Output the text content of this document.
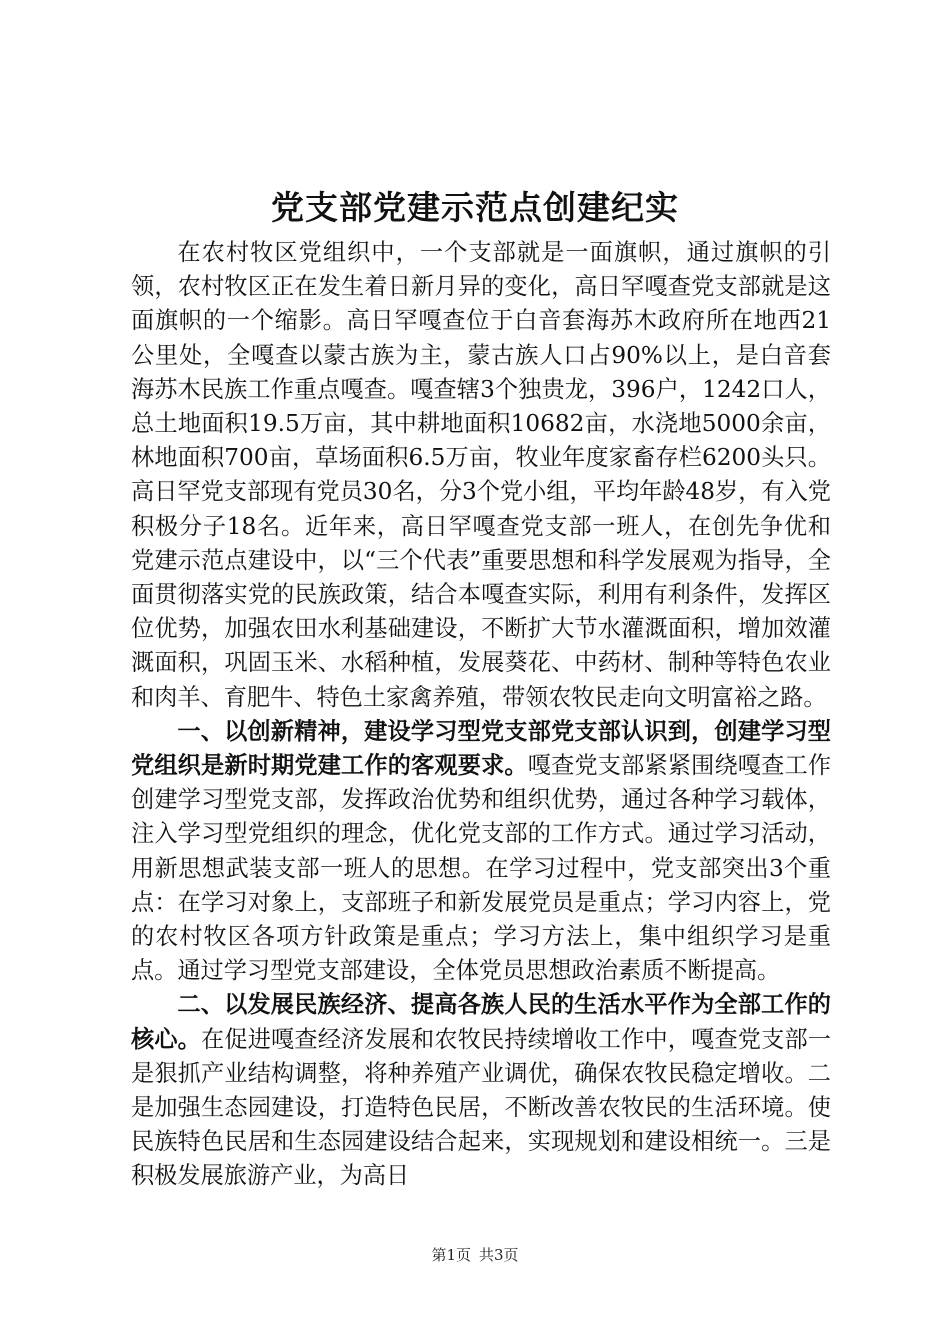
党支部党建示范点创建纪实

在农村牧区党组织中，一个支部就是一面旗帜，通过旗帜的引领，农村牧区正在发生着日新月异的变化，高日罕嘎查党支部就是这面旗帜的一个缩影。高日罕嘎查位于白音套海苏木政府所在地西21公里处，全嘎查以蒙古族为主，蒙古族人口占90%以上，是白音套海苏木民族工作重点嘎查。嘎查辖3个独贵龙，396户，1242口人，总土地面积19.5万亩，其中耕地面积10682亩，水浇地5000余亩，林地面积700亩，草场面积6.5万亩，牧业年度家畜存栏6200头只。高日罕党支部现有党员30名，分3个党小组，平均年龄48岁，有入党积极分子18名。近年来，高日罕嘎查党支部一班人，在创先争优和党建示范点建设中，以“三个代表”重要思想和科学发展观为指导，全面贯彻落实党的民族政策，结合本嘎查实际，利用有利条件，发挥区位优势，加强农田水利基础建设，不断扩大节水灌溉面积，增加效灌溉面积，巩固玉米、水稻种植，发展葵花、中药材、制种等特色农业和肉羊、育肥牛、特色土家禽养殖，带领农牧民走向文明富裕之路。

一、以创新精神，建设学习型党支部党支部认识到，创建学习型党组织是新时期党建工作的客观要求。嘎查党支部紧紧围绕嘎查工作创建学习型党支部，发挥政治优势和组织优势，通过各种学习载体，注入学习型党组织的理念，优化党支部的工作方式。通过学习活动，用新思想武装支部一班人的思想。在学习过程中，党支部突出3个重点：在学习对象上，支部班子和新发展党员是重点；学习内容上，党的农村牧区各项方针政策是重点；学习方法上，集中组织学习是重点。通过学习型党支部建设，全体党员思想政治素质不断提高。

二、以发展民族经济、提高各族人民的生活水平作为全部工作的核心。在促进嘎查经济发展和农牧民持续增收工作中，嘎查党支部一是狠抓产业结构调整，将种养殖产业调优，确保农牧民稳定增收。二是加强生态园建设，打造特色民居，不断改善农牧民的生活环境。使民族特色民居和生态园建设结合起来，实现规划和建设相统一。三是积极发展旅游产业，为高日

第1页 共3页
